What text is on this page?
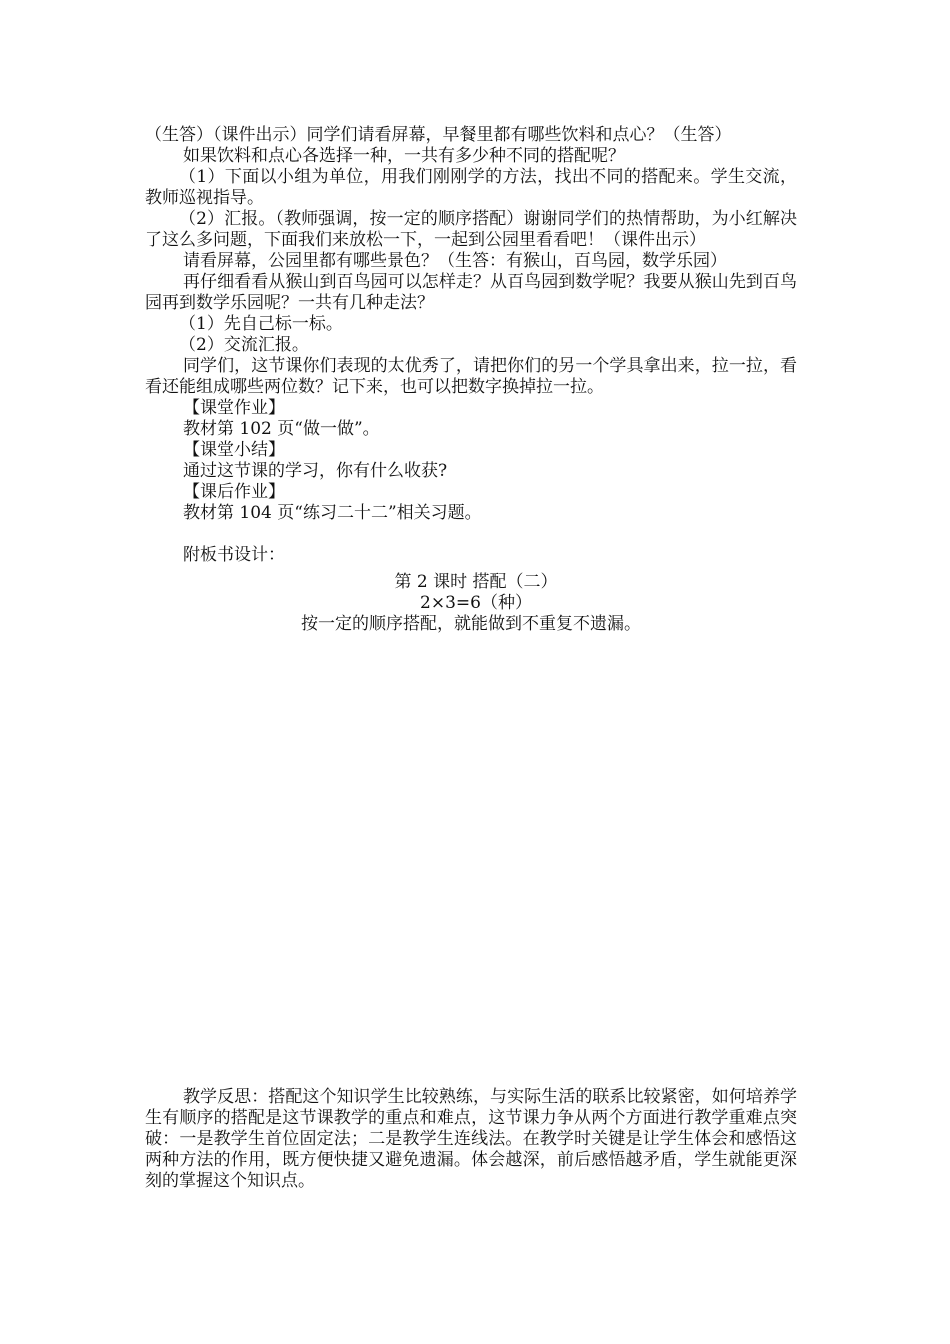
（生答）（课件出示）同学们请看屏幕，早餐里都有哪些饮料和点心？（生答）

如果饮料和点心各选择一种，一共有多少种不同的搭配呢？

（1）下面以小组为单位，用我们刚刚学的方法，找出不同的搭配来。学生交流，教师巡视指导。

（2）汇报。（教师强调，按一定的顺序搭配）谢谢同学们的热情帮助，为小红解决了这么多问题，下面我们来放松一下，一起到公园里看看吧！（课件出示）

请看屏幕，公园里都有哪些景色？（生答：有猴山，百鸟园，数学乐园）

再仔细看看从猴山到百鸟园可以怎样走？从百鸟园到数学呢？我要从猴山先到百鸟园再到数学乐园呢？一共有几种走法？

（1）先自己标一标。

（2）交流汇报。

同学们，这节课你们表现的太优秀了，请把你们的另一个学具拿出来，拉一拉，看看还能组成哪些两位数？记下来，也可以把数字换掉拉一拉。

【课堂作业】

教材第 102 页“做一做”。

【课堂小结】

通过这节课的学习，你有什么收获?

【课后作业】

教材第 104 页“练习二十二”相关习题。

附板书设计：

第 2 课时 搭配（二）

2×3=6（种）

按一定的顺序搭配，就能做到不重复不遗漏。

教学反思：搭配这个知识学生比较熟练，与实际生活的联系比较紧密，如何培养学生有顺序的搭配是这节课教学的重点和难点，这节课力争从两个方面进行教学重难点突破：一是教学生首位固定法；二是教学生连线法。在教学时关键是让学生体会和感悟这两种方法的作用，既方便快捷又避免遗漏。体会越深，前后感悟越矛盾，学生就能更深刻的掌握这个知识点。
